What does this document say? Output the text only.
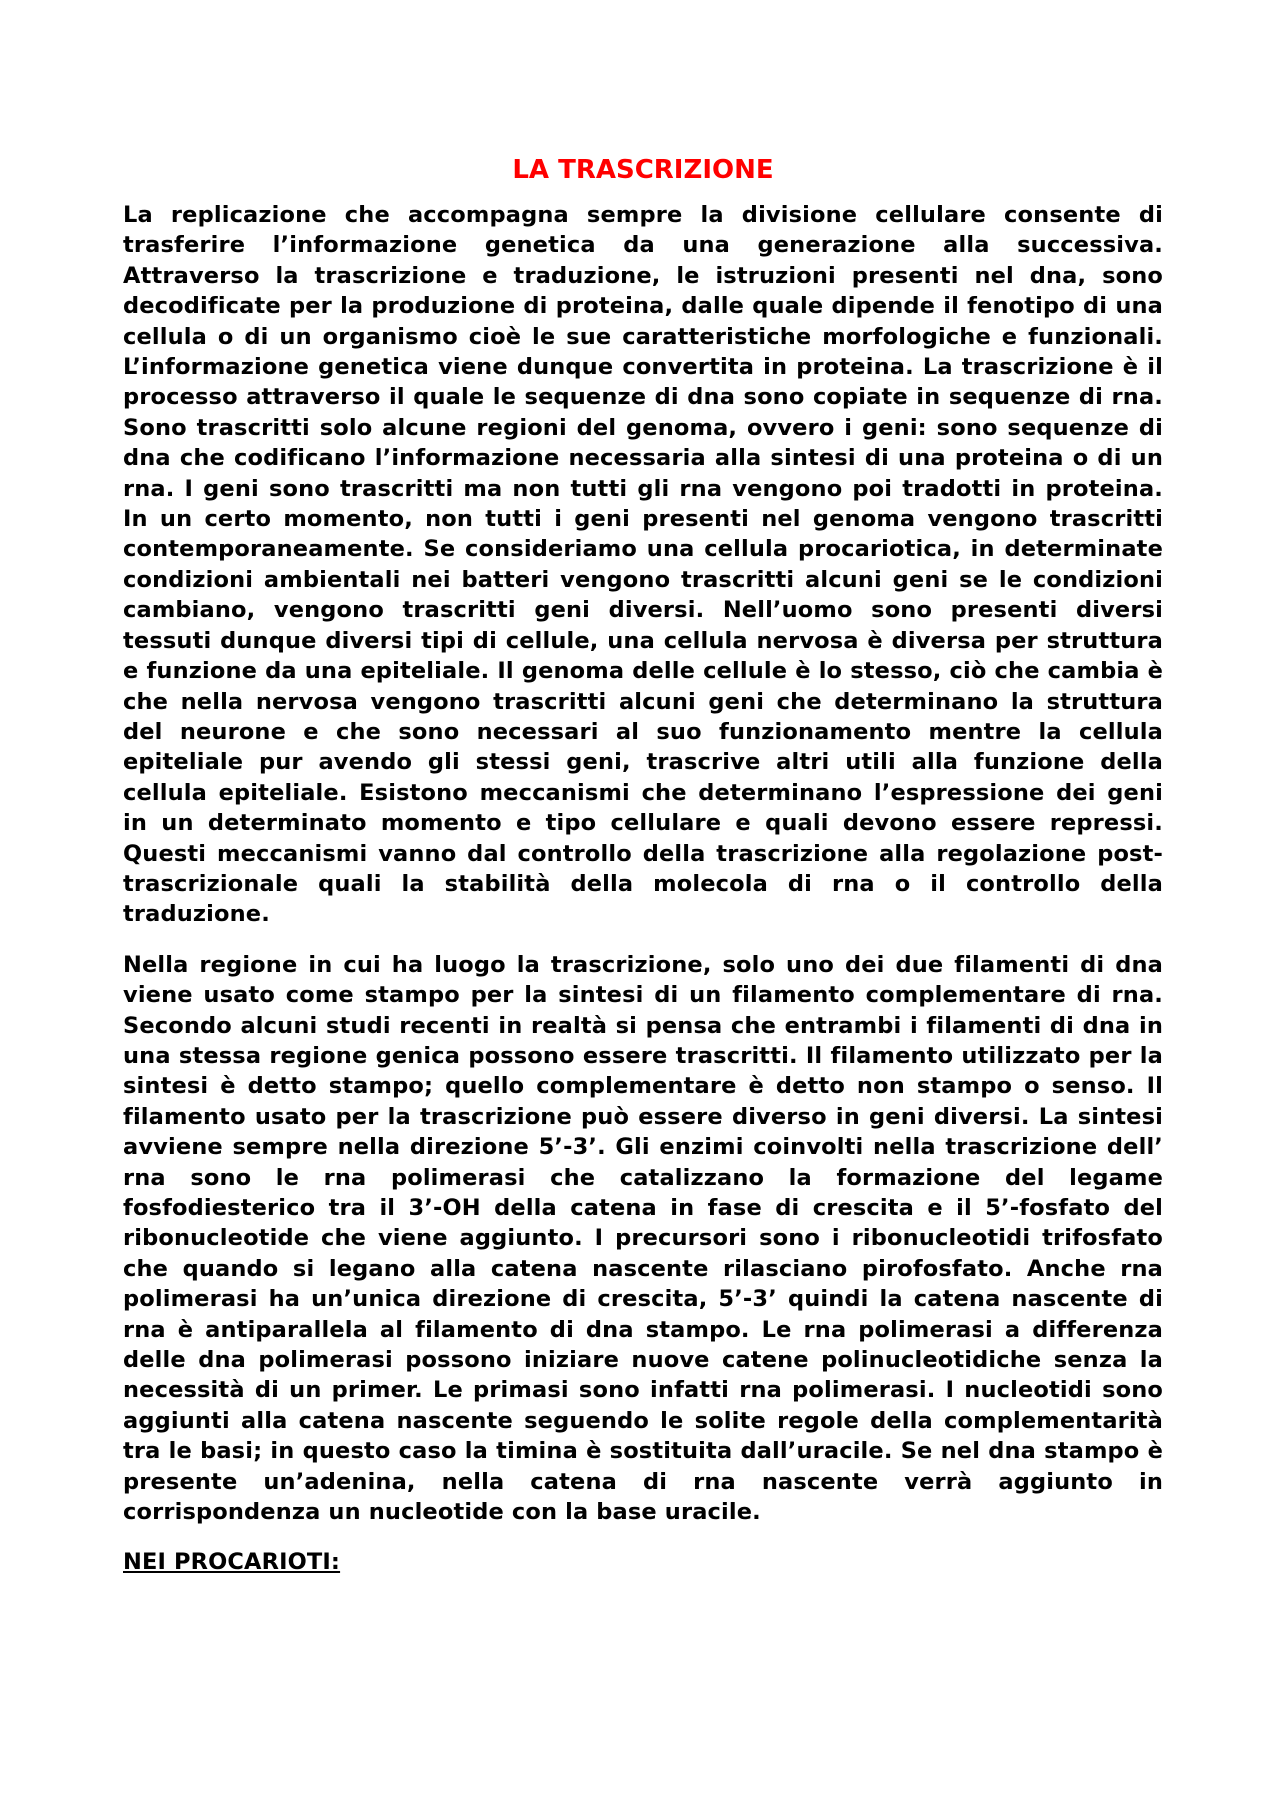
LA TRASCRIZIONE

La replicazione che accompagna sempre la divisione cellulare consente di trasferire l’informazione genetica da una generazione alla successiva. Attraverso la trascrizione e traduzione, le istruzioni presenti nel dna, sono decodificate per la produzione di proteina, dalle quale dipende il fenotipo di una cellula o di un organismo cioè le sue caratteristiche morfologiche e funzionali. L’informazione genetica viene dunque convertita in proteina. La trascrizione è il processo attraverso il quale le sequenze di dna sono copiate in sequenze di rna. Sono trascritti solo alcune regioni del genoma, ovvero i geni: sono sequenze di dna che codificano l’informazione necessaria alla sintesi di una proteina o di un rna. I geni sono trascritti ma non tutti gli rna vengono poi tradotti in proteina. In un certo momento, non tutti i geni presenti nel genoma vengono trascritti contemporaneamente. Se consideriamo una cellula procariotica, in determinate condizioni ambientali nei batteri vengono trascritti alcuni geni se le condizioni cambiano, vengono trascritti geni diversi. Nell’uomo sono presenti diversi tessuti dunque diversi tipi di cellule, una cellula nervosa è diversa per struttura e funzione da una epiteliale. Il genoma delle cellule è lo stesso, ciò che cambia è che nella nervosa vengono trascritti alcuni geni che determinano la struttura del neurone e che sono necessari al suo funzionamento mentre la cellula epiteliale pur avendo gli stessi geni, trascrive altri utili alla funzione della cellula epiteliale. Esistono meccanismi che determinano l’espressione dei geni in un determinato momento e tipo cellulare e quali devono essere repressi. Questi meccanismi vanno dal controllo della trascrizione alla regolazione post-trascrizionale quali la stabilità della molecola di rna o il controllo della traduzione.

Nella regione in cui ha luogo la trascrizione, solo uno dei due filamenti di dna viene usato come stampo per la sintesi di un filamento complementare di rna. Secondo alcuni studi recenti in realtà si pensa che entrambi i filamenti di dna in una stessa regione genica possono essere trascritti. Il filamento utilizzato per la sintesi è detto stampo; quello complementare è detto non stampo o senso. Il filamento usato per la trascrizione può essere diverso in geni diversi. La sintesi avviene sempre nella direzione 5’-3’. Gli enzimi coinvolti nella trascrizione dell’ rna sono le rna polimerasi che catalizzano la formazione del legame fosfodiesterico tra il 3’-OH della catena in fase di crescita e il 5’-fosfato del ribonucleotide che viene aggiunto. I precursori sono i ribonucleotidi trifosfato che quando si legano alla catena nascente rilasciano pirofosfato. Anche rna polimerasi ha un’unica direzione di crescita, 5’-3’ quindi la catena nascente di rna è antiparallela al filamento di dna stampo. Le rna polimerasi a differenza delle dna polimerasi possono iniziare nuove catene polinucleotidiche senza la necessità di un primer. Le primasi sono infatti rna polimerasi. I nucleotidi sono aggiunti alla catena nascente seguendo le solite regole della complementarità tra le basi; in questo caso la timina è sostituita dall’uracile. Se nel dna stampo è presente un’adenina, nella catena di rna nascente verrà aggiunto in corrispondenza un nucleotide con la base uracile.

NEI PROCARIOTI:
